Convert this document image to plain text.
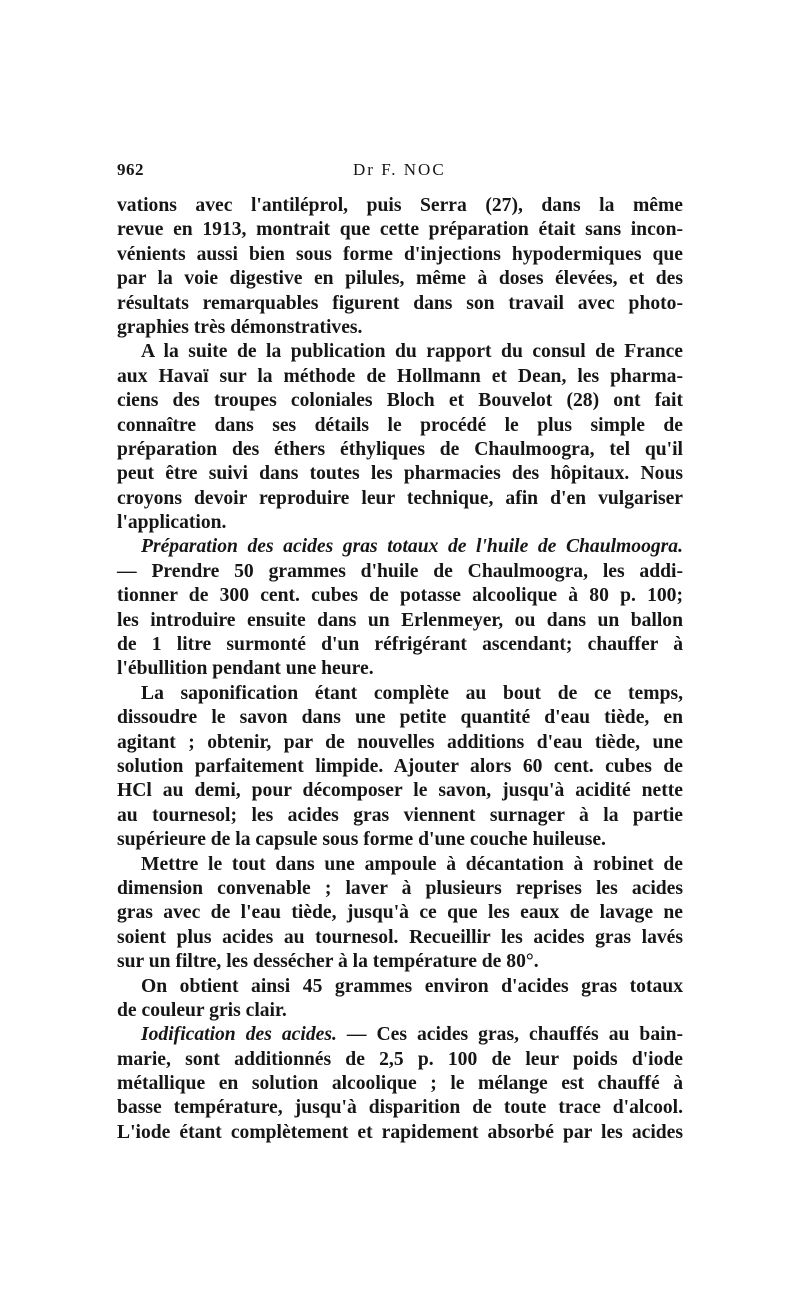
962	Dr F. NOC
vations avec l'antiléprol, puis Serra (27), dans la même
revue en 1913, montrait que cette préparation était sans incon-
vénients aussi bien sous forme d'injections hypodermiques que
par la voie digestive en pilules, même à doses élevées, et des
résultats remarquables figurent dans son travail avec photo-
graphies très démonstratives.
A la suite de la publication du rapport du consul de France
aux Havaï sur la méthode de Hollmann et Dean, les pharma-
ciens des troupes coloniales Bloch et Bouvelot (28) ont fait
connaître dans ses détails le procédé le plus simple de
préparation des éthers éthyliques de Chaulmoogra, tel qu'il
peut être suivi dans toutes les pharmacies des hôpitaux. Nous
croyons devoir reproduire leur technique, afin d'en vulgariser
l'application.
Préparation des acides gras totaux de l'huile de Chaulmoogra.
— Prendre 50 grammes d'huile de Chaulmoogra, les addi-
tionner de 300 cent. cubes de potasse alcoolique à 80 p. 100;
les introduire ensuite dans un Erlenmeyer, ou dans un ballon
de 1 litre surmonté d'un réfrigérant ascendant; chauffer à
l'ébullition pendant une heure.
La saponification étant complète au bout de ce temps,
dissoudre le savon dans une petite quantité d'eau tiède, en
agitant ; obtenir, par de nouvelles additions d'eau tiède, une
solution parfaitement limpide. Ajouter alors 60 cent. cubes de
HCl au demi, pour décomposer le savon, jusqu'à acidité nette
au tournesol; les acides gras viennent surnager à la partie
supérieure de la capsule sous forme d'une couche huileuse.
Mettre le tout dans une ampoule à décantation à robinet de
dimension convenable ; laver à plusieurs reprises les acides
gras avec de l'eau tiède, jusqu'à ce que les eaux de lavage ne
soient plus acides au tournesol. Recueillir les acides gras lavés
sur un filtre, les dessécher à la température de 80°.
On obtient ainsi 45 grammes environ d'acides gras totaux
de couleur gris clair.
Iodification des acides. — Ces acides gras, chauffés au bain-
marie, sont additionnés de 2,5 p. 100 de leur poids d'iode
métallique en solution alcoolique ; le mélange est chauffé à
basse température, jusqu'à disparition de toute trace d'alcool.
L'iode étant complètement et rapidement absorbé par les acides
